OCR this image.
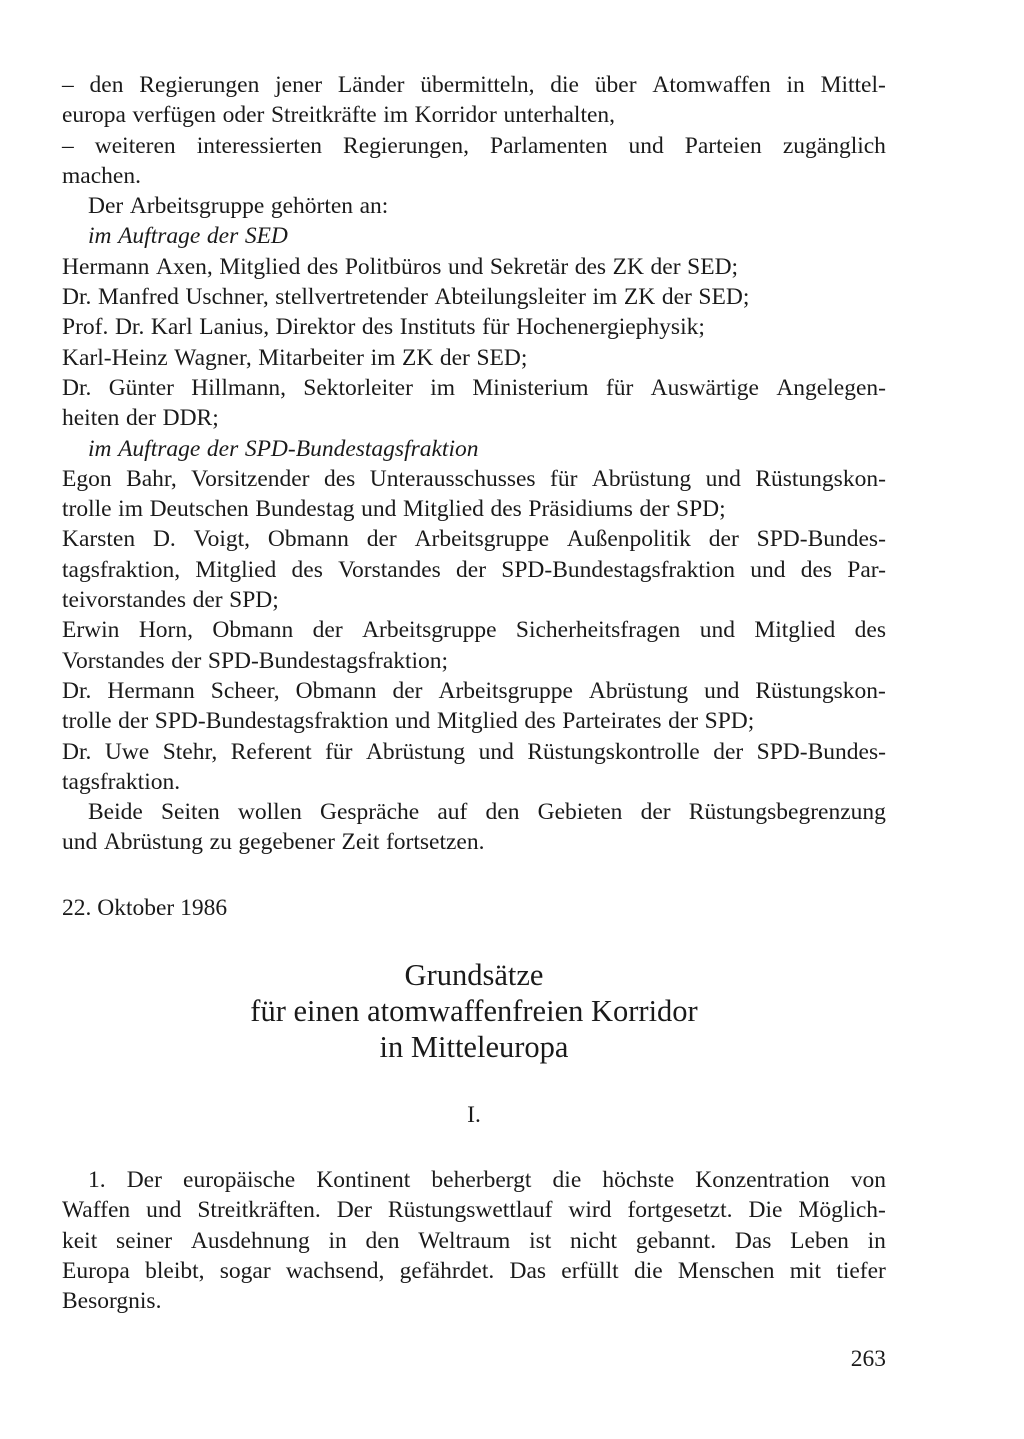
– den Regierungen jener Länder übermitteln, die über Atomwaffen in Mittel-
europa verfügen oder Streitkräfte im Korridor unterhalten,
– weiteren interessierten Regierungen, Parlamenten und Parteien zugänglich
machen.
Der Arbeitsgruppe gehörten an:
im Auftrage der SED
Hermann Axen, Mitglied des Politbüros und Sekretär des ZK der SED;
Dr. Manfred Uschner, stellvertretender Abteilungsleiter im ZK der SED;
Prof. Dr. Karl Lanius, Direktor des Instituts für Hochenergiephysik;
Karl-Heinz Wagner, Mitarbeiter im ZK der SED;
Dr. Günter Hillmann, Sektorleiter im Ministerium für Auswärtige Angelegen-
heiten der DDR;
im Auftrage der SPD-Bundestagsfraktion
Egon Bahr, Vorsitzender des Unterausschusses für Abrüstung und Rüstungskon-
trolle im Deutschen Bundestag und Mitglied des Präsidiums der SPD;
Karsten D. Voigt, Obmann der Arbeitsgruppe Außenpolitik der SPD-Bundes-
tagsfraktion, Mitglied des Vorstandes der SPD-Bundestagsfraktion und des Par-
teivorstandes der SPD;
Erwin Horn, Obmann der Arbeitsgruppe Sicherheitsfragen und Mitglied des
Vorstandes der SPD-Bundestagsfraktion;
Dr. Hermann Scheer, Obmann der Arbeitsgruppe Abrüstung und Rüstungskon-
trolle der SPD-Bundestagsfraktion und Mitglied des Parteirates der SPD;
Dr. Uwe Stehr, Referent für Abrüstung und Rüstungskontrolle der SPD-Bundes-
tagsfraktion.
Beide Seiten wollen Gespräche auf den Gebieten der Rüstungsbegrenzung
und Abrüstung zu gegebener Zeit fortsetzen.
22. Oktober 1986
Grundsätze
für einen atomwaffenfreien Korridor
in Mitteleuropa
I.
1. Der europäische Kontinent beherbergt die höchste Konzentration von
Waffen und Streitkräften. Der Rüstungswettlauf wird fortgesetzt. Die Möglich-
keit seiner Ausdehnung in den Weltraum ist nicht gebannt. Das Leben in
Europa bleibt, sogar wachsend, gefährdet. Das erfüllt die Menschen mit tiefer
Besorgnis.
263
